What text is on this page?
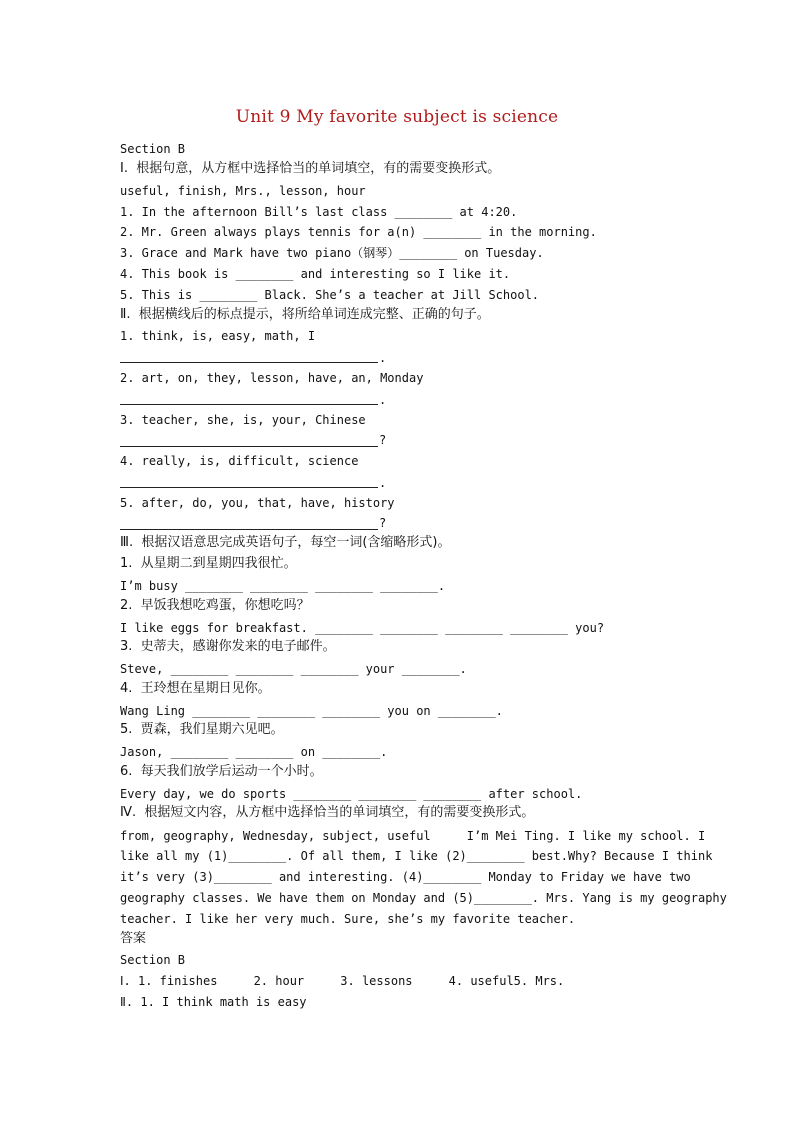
Unit 9 My favorite subject is science
Section B
Ⅰ.  根据句意，从方框中选择恰当的单词填空，有的需要变换形式。
useful, finish, Mrs., lesson, hour
1. In the afternoon Bill’s last class ________ at 4:20.
2. Mr. Green always plays tennis for a(n) ________ in the morning.
3. Grace and Mark have two piano（钢琴）________ on Tuesday.
4. This book is ________ and interesting so I like it.
5. This is ________ Black. She’s a teacher at Jill School.
Ⅱ.  根据横线后的标点提示，将所给单词连成完整、正确的句子。
1. think, is, easy, math, I
.
2. art, on, they, lesson, have, an, Monday
.
3. teacher, she, is, your, Chinese
?
4. really, is, difficult, science
.
5. after, do, you, that, have, history
?
Ⅲ.  根据汉语意思完成英语句子，每空一词(含缩略形式)。
1.  从星期二到星期四我很忙。
I’m busy ________ ________ ________ ________.
2.  早饭我想吃鸡蛋，你想吃吗？
I like eggs for breakfast. ________ ________ ________ ________ you?
3.  史蒂夫，感谢你发来的电子邮件。
Steve, ________ ________ ________ your ________.
4.  王玲想在星期日见你。
Wang Ling ________ ________ ________ you on ________.
5.  贾森，我们星期六见吧。
Jason, ________ ________ on ________.
6.  每天我们放学后运动一个小时。
Every day, we do sports ________ ________ ________ after school.
Ⅳ.  根据短文内容，从方框中选择恰当的单词填空，有的需要变换形式。
from, geography, Wednesday, subject, useful     I’m Mei Ting. I like my school. I
like all my (1)________. Of all them, I like (2)________ best.Why? Because I think
it’s very (3)________ and interesting. (4)________ Monday to Friday we have two
geography classes. We have them on Monday and (5)________. Mrs. Yang is my geography
teacher. I like her very much. Sure, she’s my favorite teacher.
答案
Section B
Ⅰ. 1. finishes     2. hour     3. lessons     4. useful5. Mrs.
Ⅱ. 1. I think math is easy
